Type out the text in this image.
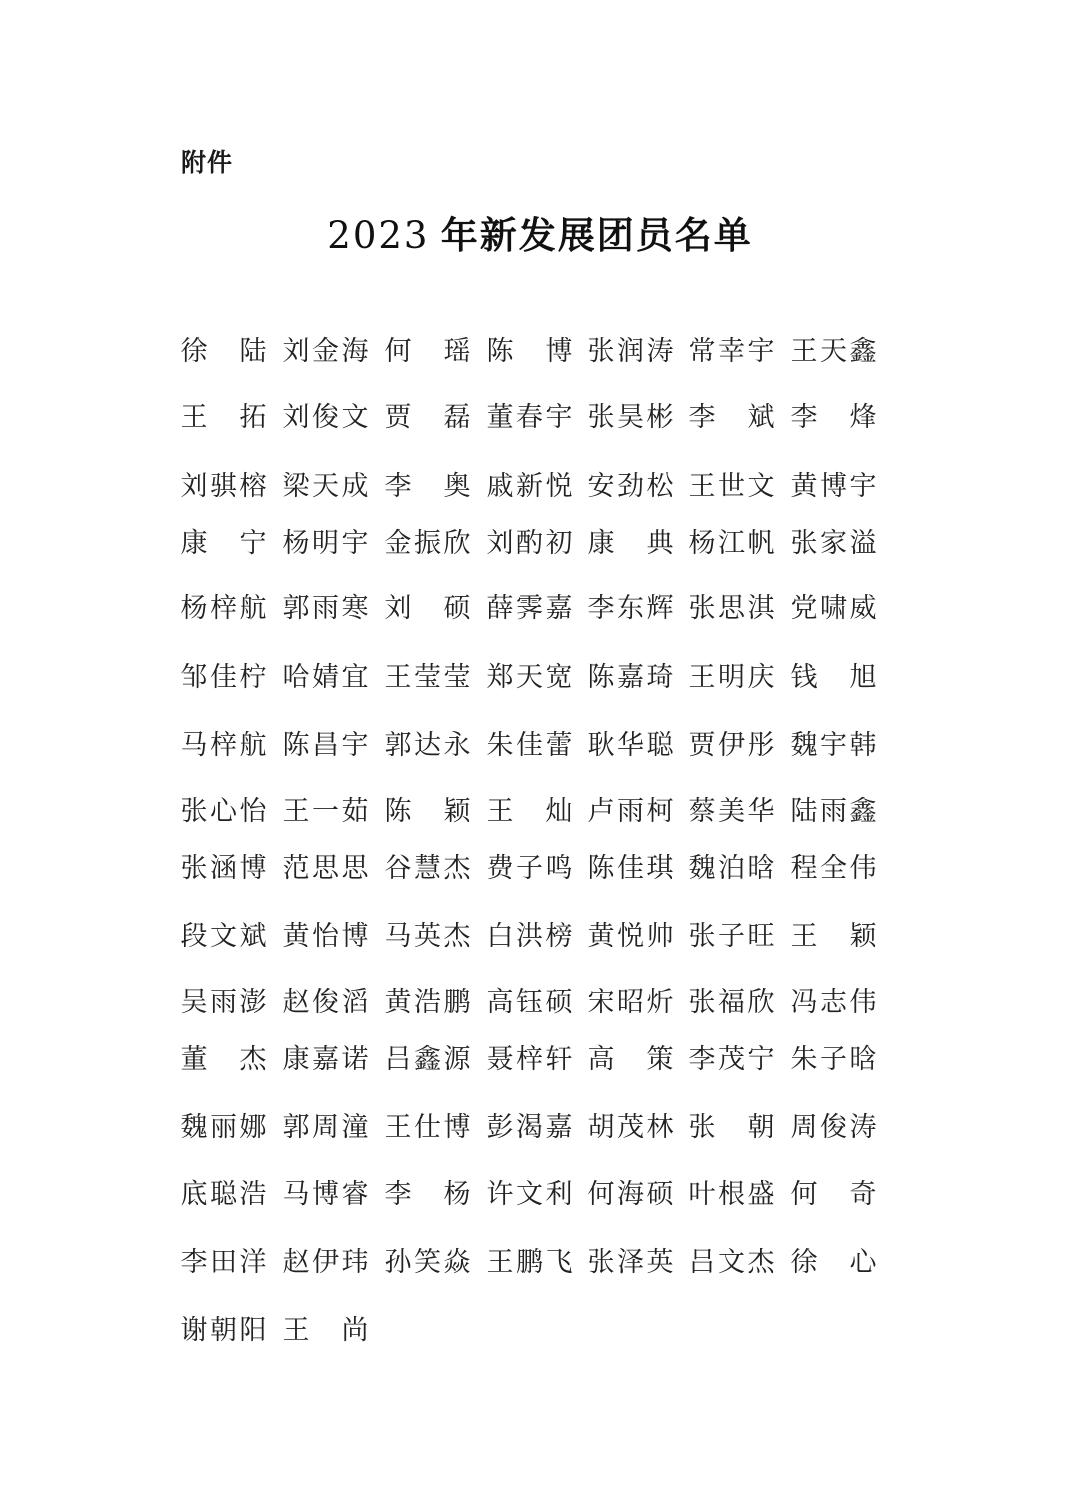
附件
2023 年新发展团员名单
徐 陆 刘 金 海 何 瑶 陈 博 张 润 涛 常 幸 宇 王 天 鑫
王 拓 刘 俊 文 贾 磊 董 春 宇 张 昊 彬 李 斌 李 烽
刘 骐 榕 梁 天 成 李 奥 戚 新 悦 安 劲 松 王 世 文 黄 博 宇
康 宁 杨 明 宇 金 振 欣 刘 酌 初 康 典 杨 江 帆 张 家 溢
杨 梓 航 郭 雨 寒 刘 硕 薛 霁 嘉 李 东 辉 张 思 淇 党 啸 威
邹 佳 柠 哈 婧 宜 王 莹 莹 郑 天 宽 陈 嘉 琦 王 明 庆 钱 旭
马 梓 航 陈 昌 宇 郭 达 永 朱 佳 蕾 耿 华 聪 贾 伊 彤 魏 宇 韩
张 心 怡 王 一 茹 陈 颖 王 灿 卢 雨 柯 蔡 美 华 陆 雨 鑫
张 涵 博 范 思 思 谷 慧 杰 费 子 鸣 陈 佳 琪 魏 泊 晗 程 全 伟
段 文 斌 黄 怡 博 马 英 杰 白 洪 榜 黄 悦 帅 张 子 旺 王 颖
吴 雨 澎 赵 俊 滔 黄 浩 鹏 高 钰 硕 宋 昭 炘 张 福 欣 冯 志 伟
董 杰 康 嘉 诺 吕 鑫 源 聂 梓 轩 高 策 李 茂 宁 朱 子 晗
魏 丽 娜 郭 周 潼 王 仕 博 彭 渴 嘉 胡 茂 林 张 朝 周 俊 涛
底 聪 浩 马 博 睿 李 杨 许 文 利 何 海 硕 叶 根 盛 何 奇
李 田 洋 赵 伊 玮 孙 笑 焱 王 鹏 飞 张 泽 英 吕 文 杰 徐 心
谢 朝 阳 王 尚
